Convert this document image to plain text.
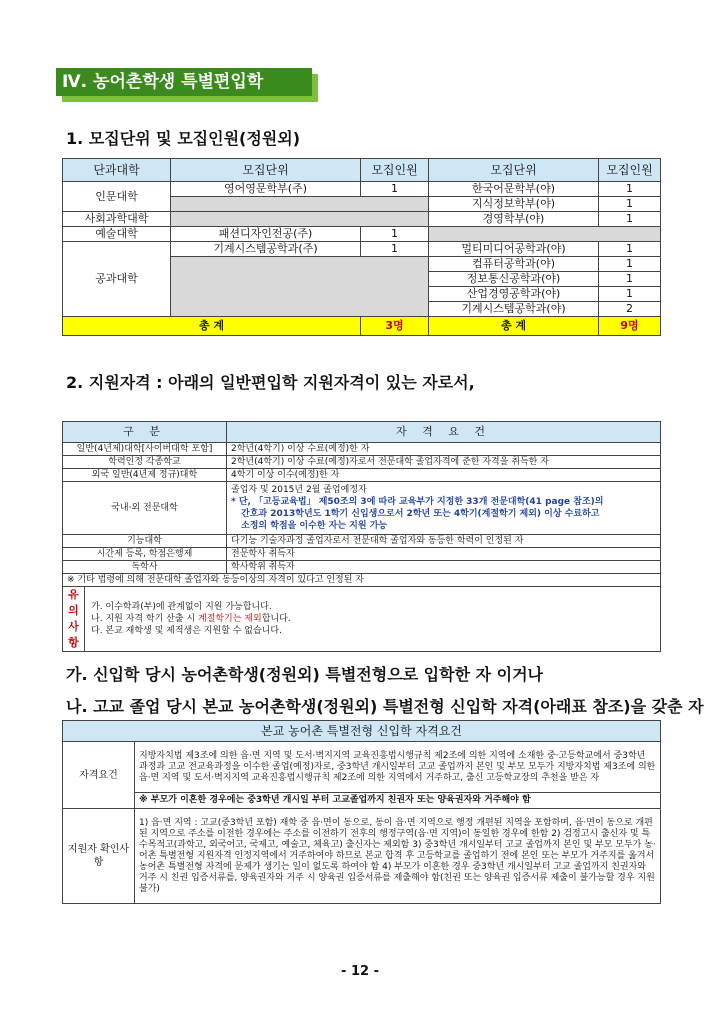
Ⅳ. 농어촌학생 특별편입학
1. 모집단위 및 모집인원(정원외)
단과대학	모집단위	모집인원	모집단위	모집인원
인문대학	영어영문학부(주)	1	한국어문학부(야)	1
			지식정보학부(야)	1
사회과학대학			경영학부(야)	1
예술대학	패션디자인전공(주)	1		
공과대학	기계시스템공학과(주)	1	멀티미디어공학과(야)	1
			컴퓨터공학과(야)	1
			정보통신공학과(야)	1
			산업경영공학과(야)	1
			기계시스템공학과(야)	2
총 계		3명	총 계	9명
2. 지원자격 : 아래의 일반편입학 지원자격이 있는 자로서,
구 분		자 격 요 건
일반(4년제)대학[사이버대학 포함]		2학년(4학기) 이상 수료(예정)한 자
학력인정 각종학교		2학년(4학기) 이상 수료(예정)자로서 전문대학 졸업자격에 준한 자격을 취득한 자
외국 일반(4년제 정규)대학		4학기 이상 이수(예정)한 자
국내·외 전문대학		졸업자 및 2015년 2월 졸업예정자
* 단, 「고등교육법」 제50조의 3에 따라 교육부가 지정한 33개 전문대학(41 page 참조)의
간호과 2013학년도 1학기 신입생으로서 2학년 또는 4학기(계절학기 제외) 이상 수료하고
소정의 학점을 이수한 자는 지원 가능

기능대학		다기능 기술자과정 졸업자로서 전문대학 졸업자와 동등한 학력이 인정된 자
시간제 등록, 학점은행제		전문학사 취득자
독학사		학사학위 취득자
※ 기타 법령에 의해 전문대학 졸업자와 동등이상의 자격이 있다고 인정된 자		
유의사항	가. 이수학과(부)에 관계없이 지원 가능합니다.
나. 지원 자격 학기 산출 시 계절학기는 제외합니다.
다. 본교 재학생 및 제적생은 지원할 수 없습니다.	
가. 신입학 당시 농어촌학생(정원외) 특별전형으로 입학한 자 이거나
나. 고교 졸업 당시 본교 농어촌학생(정원외) 특별전형 신입학 자격(아래표 참조)을 갖춘 자
본교 농어촌 특별전형 신입학 자격요건	
자격요건	지방자치법 제3조에 의한 읍·면 지역 및 도서·벽지지역 교육진흥법시행규칙 제2조에 의한 지역에 소재한 중·고등학교에서 중3학년 과정과 고교 전교육과정을 이수한 졸업(예정)자로, 중3학년 개시일부터 고교 졸업까지 본인 및 부모 모두가 지방자치법 제3조에 의한 읍·면 지역 및 도서·벽지지역 교육진흥법시행규칙 제2조에 의한 지역에서 거주하고, 출신 고등학교장의 추천을 받은 자
	※ 부모가 이혼한 경우에는 중3학년 개시일 부터 고교졸업까지 친권자 또는 양육권자와 거주해야 함
지원자 확인사항	1) 읍·면 지역 : 고교(중3학년 포함) 재학 중 읍·면이 동으로, 동이 읍·면 지역으로 행정 개편된 지역을 포함하며, 읍·면이 동으로 개편된 지역으로 주소를 이전한 경우에는 주소를 이전하기 전후의 행정구역(읍·면 지역)이 동일한 경우에 한함 2) 검정고시 출신자 및 특수목적고(과학고, 외국어고, 국제고, 예술고, 체육고) 출신자는 제외함 3) 중3학년 개시일부터 고교 졸업까지 본인 및 부모 모두가 농·어촌 특별전형 지원자격 인정지역에서 거주하여야 하므로 본교 합격 후 고등학교를 졸업하기 전에 본인 또는 부모가 거주지를 옮겨서 농어촌 특별전형 자격에 문제가 생기는 일이 없도록 하여야 함 4) 부모가 이혼한 경우 중3학년 개시일부터 고교 졸업까지 친권자와 거주 시 친권 입증서류를, 양육권자와 거주 시 양육권 입증서류를 제출해야 함(친권 또는 양육권 입증서류 제출이 불가능할 경우 지원불가)
- 12 -
